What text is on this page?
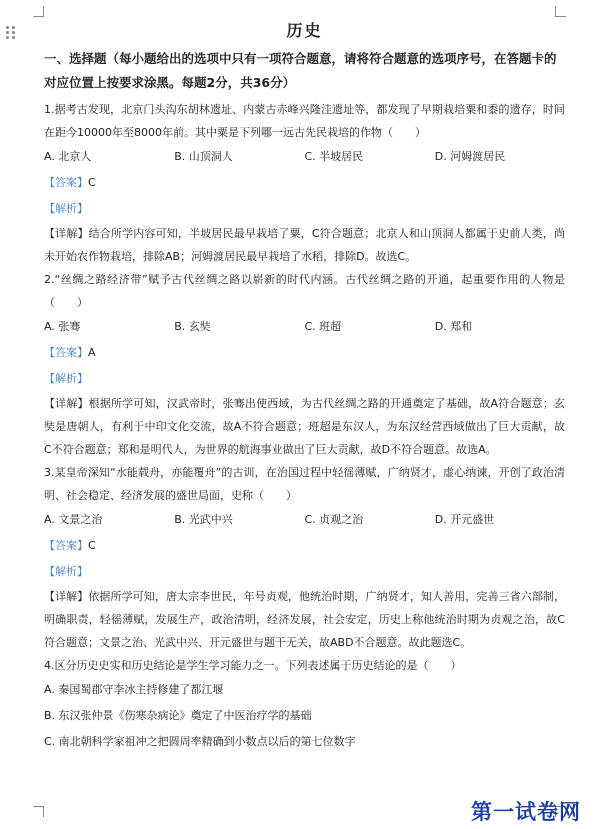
历史
一、选择题（每小题给出的选项中只有一项符合题意，请将符合题意的选项序号，在答题卡的对应位置上按要求涂黑。每题2分，共36分）

1.据考古发现，北京门头沟东胡林遗址、内蒙古赤峰兴隆洼遗址等，都发现了早期栽培粟和黍的遗存，时间在距今10000年至8000年前。其中粟是下列哪一远古先民栽培的作物（　　）

A. 北京人	B. 山顶洞人	C. 半坡居民	D. 河姆渡居民
【答案】C
【解析】

【详解】结合所学内容可知，半坡居民最早栽培了粟，C符合题意；北京人和山顶洞人都属于史前人类，尚未开始农作物栽培，排除AB；河姆渡居民最早栽培了水稻，排除D。故选C。

2.“丝绸之路经济带”赋予古代丝绸之路以崭新的时代内涵。古代丝绸之路的开通，起重要作用的人物是（　　）

A. 张骞	B. 玄奘	C. 班超	D. 郑和
【答案】A
【解析】

【详解】根据所学可知，汉武帝时，张骞出使西域，为古代丝绸之路的开通奠定了基础，故A符合题意；玄奘是唐朝人，有利于中印文化交流，故A不符合题意；班超是东汉人，为东汉经营西域做出了巨大贡献，故C不符合题意；郑和是明代人，为世界的航海事业做出了巨大贡献，故D不符合题意。故选A。

3.某皇帝深知“水能载舟，亦能覆舟”的古训，在治国过程中轻徭薄赋，广纳贤才，虚心纳谏，开创了政治清明、社会稳定、经济发展的盛世局面，史称（　　）

A. 文景之治	B. 光武中兴	C. 贞观之治	D. 开元盛世
【答案】C
【解析】

【详解】依据所学可知，唐太宗李世民，年号贞观，他统治时期，广纳贤才，知人善用，完善三省六部制，明确职责，轻徭薄赋，发展生产，政治清明，经济发展，社会安定，历史上称他统治时期为贞观之治，故C符合题意；文景之治、光武中兴、开元盛世与题干无关，故ABD不合题意。故此题选C。

4.区分历史史实和历史结论是学生学习能力之一。下列表述属于历史结论的是（　　）

A. 秦国蜀郡守李冰主持修建了都江堰
B. 东汉张仲景《伤寒杂病论》奠定了中医治疗学的基础
C. 南北朝科学家祖冲之把圆周率精确到小数点以后的第七位数字
第一试卷网
